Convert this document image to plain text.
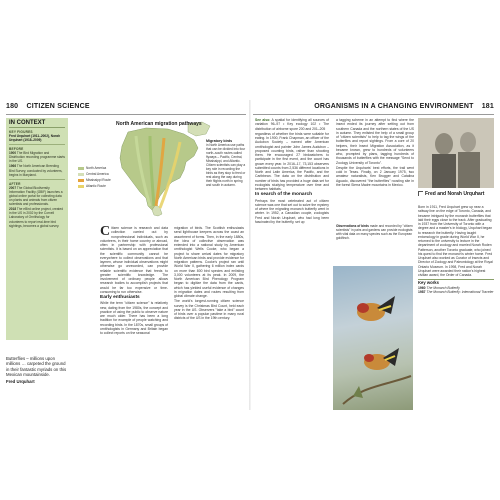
180 CITIZEN SCIENCE	ORGANISMS IN A CHANGING ENVIRONMENT 181
IN CONTEXT
KEY FIGURES
Fred Urquhart (1911–2002), Norah Urquhart (1918–2009)
BEFORE
1900 The Bird Migration and Distribution recording programme starts in the US.
1966 The North American Breeding Bird Survey, conducted by volunteers, begins in Maryland.
AFTER
2007 The Global Biodiversity Information Facility (GBIF) launches a global online portal for collecting data on plants and animals from citizen scientists and professionals.
2018 The eBird online project, created in the US in 2002 by the Cornell Laboratory of Ornithology for volunteers to report real-time bird sightings, becomes a global survey.
Butterflies – millions upon millions … carpeted the ground in their fantastic myriads on this Mexican mountainside.
Fred Urquhart
North American migration pathways
North America
Central America
Mississippi Route
Atlantic Route
Migratory birds
in North America use paths that can be divided into four north–south routes called flyways – Pacific, Central, Mississippi, and Atlantic. Citizen scientists can play a key role in recording the birds as they stop to feed or rest along the way during their flights north in spring and south in autumn.

Citizen science is research and data collection carried out by nonprofessional individuals, such as volunteers, in their home country or abroad, often in partnership with professional scientists. It is based on an appreciation that the scientific community cannot be everywhere to collect observations and that laymen, whose individual observations might otherwise go unrecorded, can provide reliable scientific evidence that feeds to greater scientific knowledge. The involvement of ordinary people allows research bodies to accomplish projects that would be far too expensive or time-consuming to run otherwise.

Early enthusiasts

While the term "citizen science" is relatively new, dating from the 1980s, the concept and practice of using the public to observe nature are much older. There has been a long tradition for example of people watching and recording birds. In the 1870s, small groups of ornithologists in Germany and Britain began to collect reports on the seasonal

migration of birds. The Scottish enthusiasts send lighthouse keepers across the coast an assortment of forms. Then, in the early 1880s, the idea of collective observation was extended into a national study by American ornithologist Wells Cooke, who began a project to share arrival dates for migratory North American birds and provide evidence for migration patterns. Cooke's project ran until World War II, gathering 6 million index cards on more than 800 bird species and enlisting 3,000 volunteers at its peak. In 2009, the North American Bird Phenology Program began to digitize the data from the cards, which has yielded useful evidence of changes in migration dates and routes resulting from global climate change.

The world's longest-running citizen science survey is the Christmas Bird Count, held each year in the US. Observers "take a bird" count of birds over a popular pastime in many rural districts of the US in the 19th century.

See also: A spatial for identifying all sources of variation 96–97 • Key ecology 102 • The distribution of airborne spore 200 and 201–205

regardless of whether the birds were suitable for eating. In 1900, Frank Chapman, an officer of the Audubon Society – named after American ornithologist and painter John James Audubon – proposed counting birds, rather than shooting them. He encouraged 27 birdwatchers to participate in the first event, and the count has grown every year. In 2016–17, 73,153 observers submitted counts from 2,536 different locations in North and Latin America, the Pacific, and the Caribbean. The data on the distribution and number of birds has provided a huge data set for ecologists studying temperature over time and between habitats.

In search of the monarch

Perhaps the most celebrated act of citizen science was one that set out to solve the mystery of where the migrating monarch butterfly went in winter. In 1952, a Canadian couple, zoologists Fred and Norah Urquhart, who had long been fascinated by the butterfly, set up

a tagging scheme in an attempt to find where the insect ended its journey after setting out from southern Canada and the northern states of the US in autumn. They enlisted the help of a small group of "citizen scientists" to help to tag the wings of the butterflies and report sightings. From a core of 20 helpers, their Insect Migration Association, as it became known, grew to hundreds of volunteers who, prompted by plans, tagging hundreds of thousands of butterflies with the message "Send to Zoology University of Toronto".

Despite the Urquharts' best efforts, the trail went cold in Texas. Finally, on 2 January 1975, two amateur naturalists, Ken Brugger and Catalina Aguado, discovered "the butterflies" roosting site in the forest Sierra Madre mountains in Mexico.

Observations of birds made and recorded by "citizen scientists" in pairs and gardens can provide ecologists with vital data on many species such as the European goldfinch.
Fred and Norah Urquhart
Born in 1911, Fred Urquhart grew up near a railway line on the edge of Toronto, Canada, and became intrigued by the monarch butterflies that laid their eggs close to the track. After graduating in 1937 from the University of Toronto with a degree and a master's in biology, Urquhart began to research the butterfly. Having taught entomology in grade during World War II, he returned to the university to lecture in the department of zoology and married Norah Roden Patterson, another Toronto graduate, who joined his quest to find the monarch's winter home. Fred Urquhart also worked as Curator of Insects and Director of Zoology and Paleontology at the Royal Ontario Museum. In 1998, Fred and Norah Urquhart were awarded their nation's highest civilian award, the Order of Canada.
Key works
1960 The Monarch Butterfly
1987 The Monarch Butterfly: International Traveler
